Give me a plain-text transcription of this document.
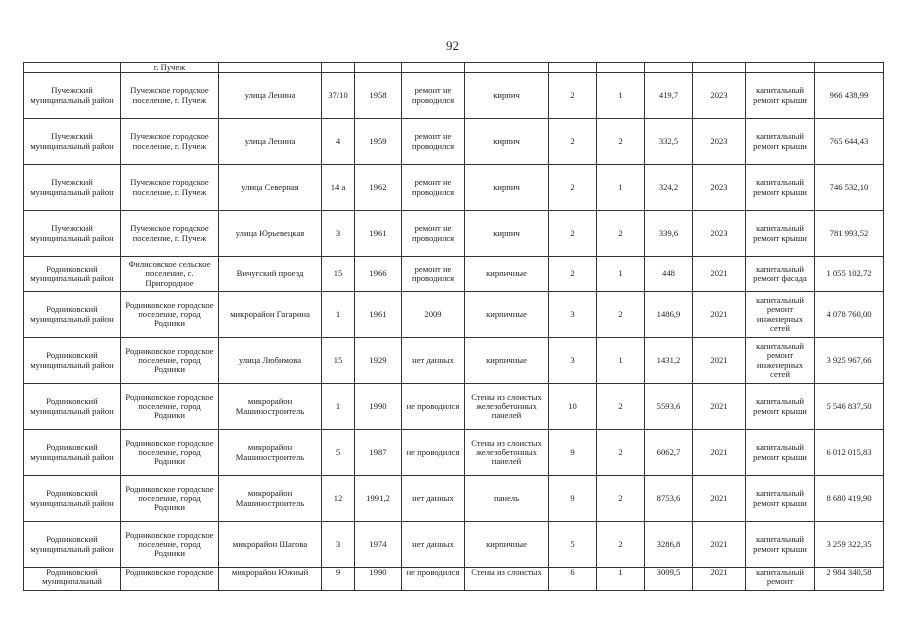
92
	г. Пучеж											
Пучежский муниципальный район	Пучежское городское поселение, г. Пучеж	улица Ленина	37/10	1958	ремонт не проводился	кирпич	2	1	419,7	2023	капитальный ремонт крыши	966 438,99
Пучежский муниципальный район	Пучежское городское поселение, г. Пучеж	улица Ленина	4	1959	ремонт не проводился	кирпич	2	2	332,5	2023	капитальный ремонт крыши	765 644,43
Пучежский муниципальный район	Пучежское городское поселение, г. Пучеж	улица Северная	14 а	1962	ремонт не проводился	кирпич	2	1	324,2	2023	капитальный ремонт крыши	746 532,10
Пучежский муниципальный район	Пучежское городское поселение, г. Пучеж	улица Юрьевецкая	3	1961	ремонт не проводился	кирпич	2	2	339,6	2023	капитальный ремонт крыши	781 993,52
Родниковский муниципальный район	Филисовское сельское поселение, с. Пригородное	Вичугский проезд	15	1966	ремонт не проводился	кирпичные	2	1	448	2021	капитальный ремонт фасада	1 055 102,72
Родниковский муниципальный район	Родниковское городское поселение, город Родники	микрорайон Гагарина	1	1961	2009	кирпичные	3	2	1486,9	2021	капитальный ремонт инженерных сетей	4 078 760,00
Родниковский муниципальный район	Родниковское городское поселение, город Родники	улица Любимова	15	1929	нет данных	кирпичные	3	1	1431,2	2021	капитальный ремонт инженерных сетей	3 925 967,66
Родниковский муниципальный район	Родниковское городское поселение, город Родники	микрорайон Машиностроитель	1	1990	не проводился	Стены из слоистых железобетонных панелей	10	2	5593,6	2021	капитальный ремонт крыши	5 546 837,50
Родниковский муниципальный район	Родниковское городское поселение, город Родники	микрорайон Машиностроитель	5	1987	не проводился	Стены из слоистых железобетонных панелей	9	2	6062,7	2021	капитальный ремонт крыши	6 012 015,83
Родниковский муниципальный район	Родниковское городское поселение, город Родники	микрорайон Машиностроитель	12	1991,2	нет данных	панель	9	2	8753,6	2021	капитальный ремонт крыши	8 680 419,90
Родниковский муниципальный район	Родниковское городское поселение, город Родники	микрорайон Шагова	3	1974	нет данных	кирпичные	5	2	3286,8	2021	капитальный ремонт крыши	3 259 322,35
Родниковский муниципальный	Родниковское городское	микрорайон Южный	9	1990	не проводился	Стены из слоистых	6	1	3009,5	2021	капитальный ремонт	2 984 340,58
